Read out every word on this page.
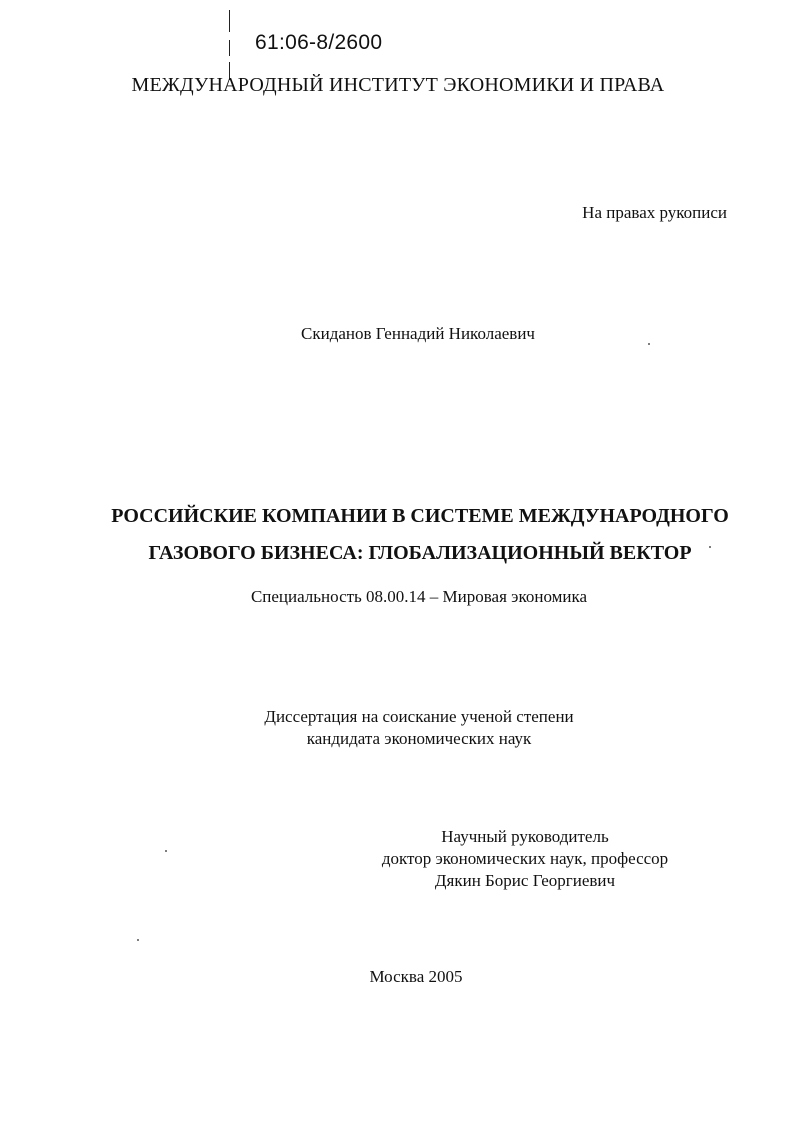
61:06-8/2600
МЕЖДУНАРОДНЫЙ ИНСТИТУТ ЭКОНОМИКИ И ПРАВА
На правах рукописи
Скиданов Геннадий Николаевич
РОССИЙСКИЕ КОМПАНИИ В СИСТЕМЕ МЕЖДУНАРОДНОГО
ГАЗОВОГО БИЗНЕСА: ГЛОБАЛИЗАЦИОННЫЙ ВЕКТОР
Специальность 08.00.14 – Мировая экономика
Диссертация на соискание ученой степени
кандидата экономических наук
Научный руководитель
доктор экономических наук, профессор
Дякин Борис Георгиевич
Москва 2005
